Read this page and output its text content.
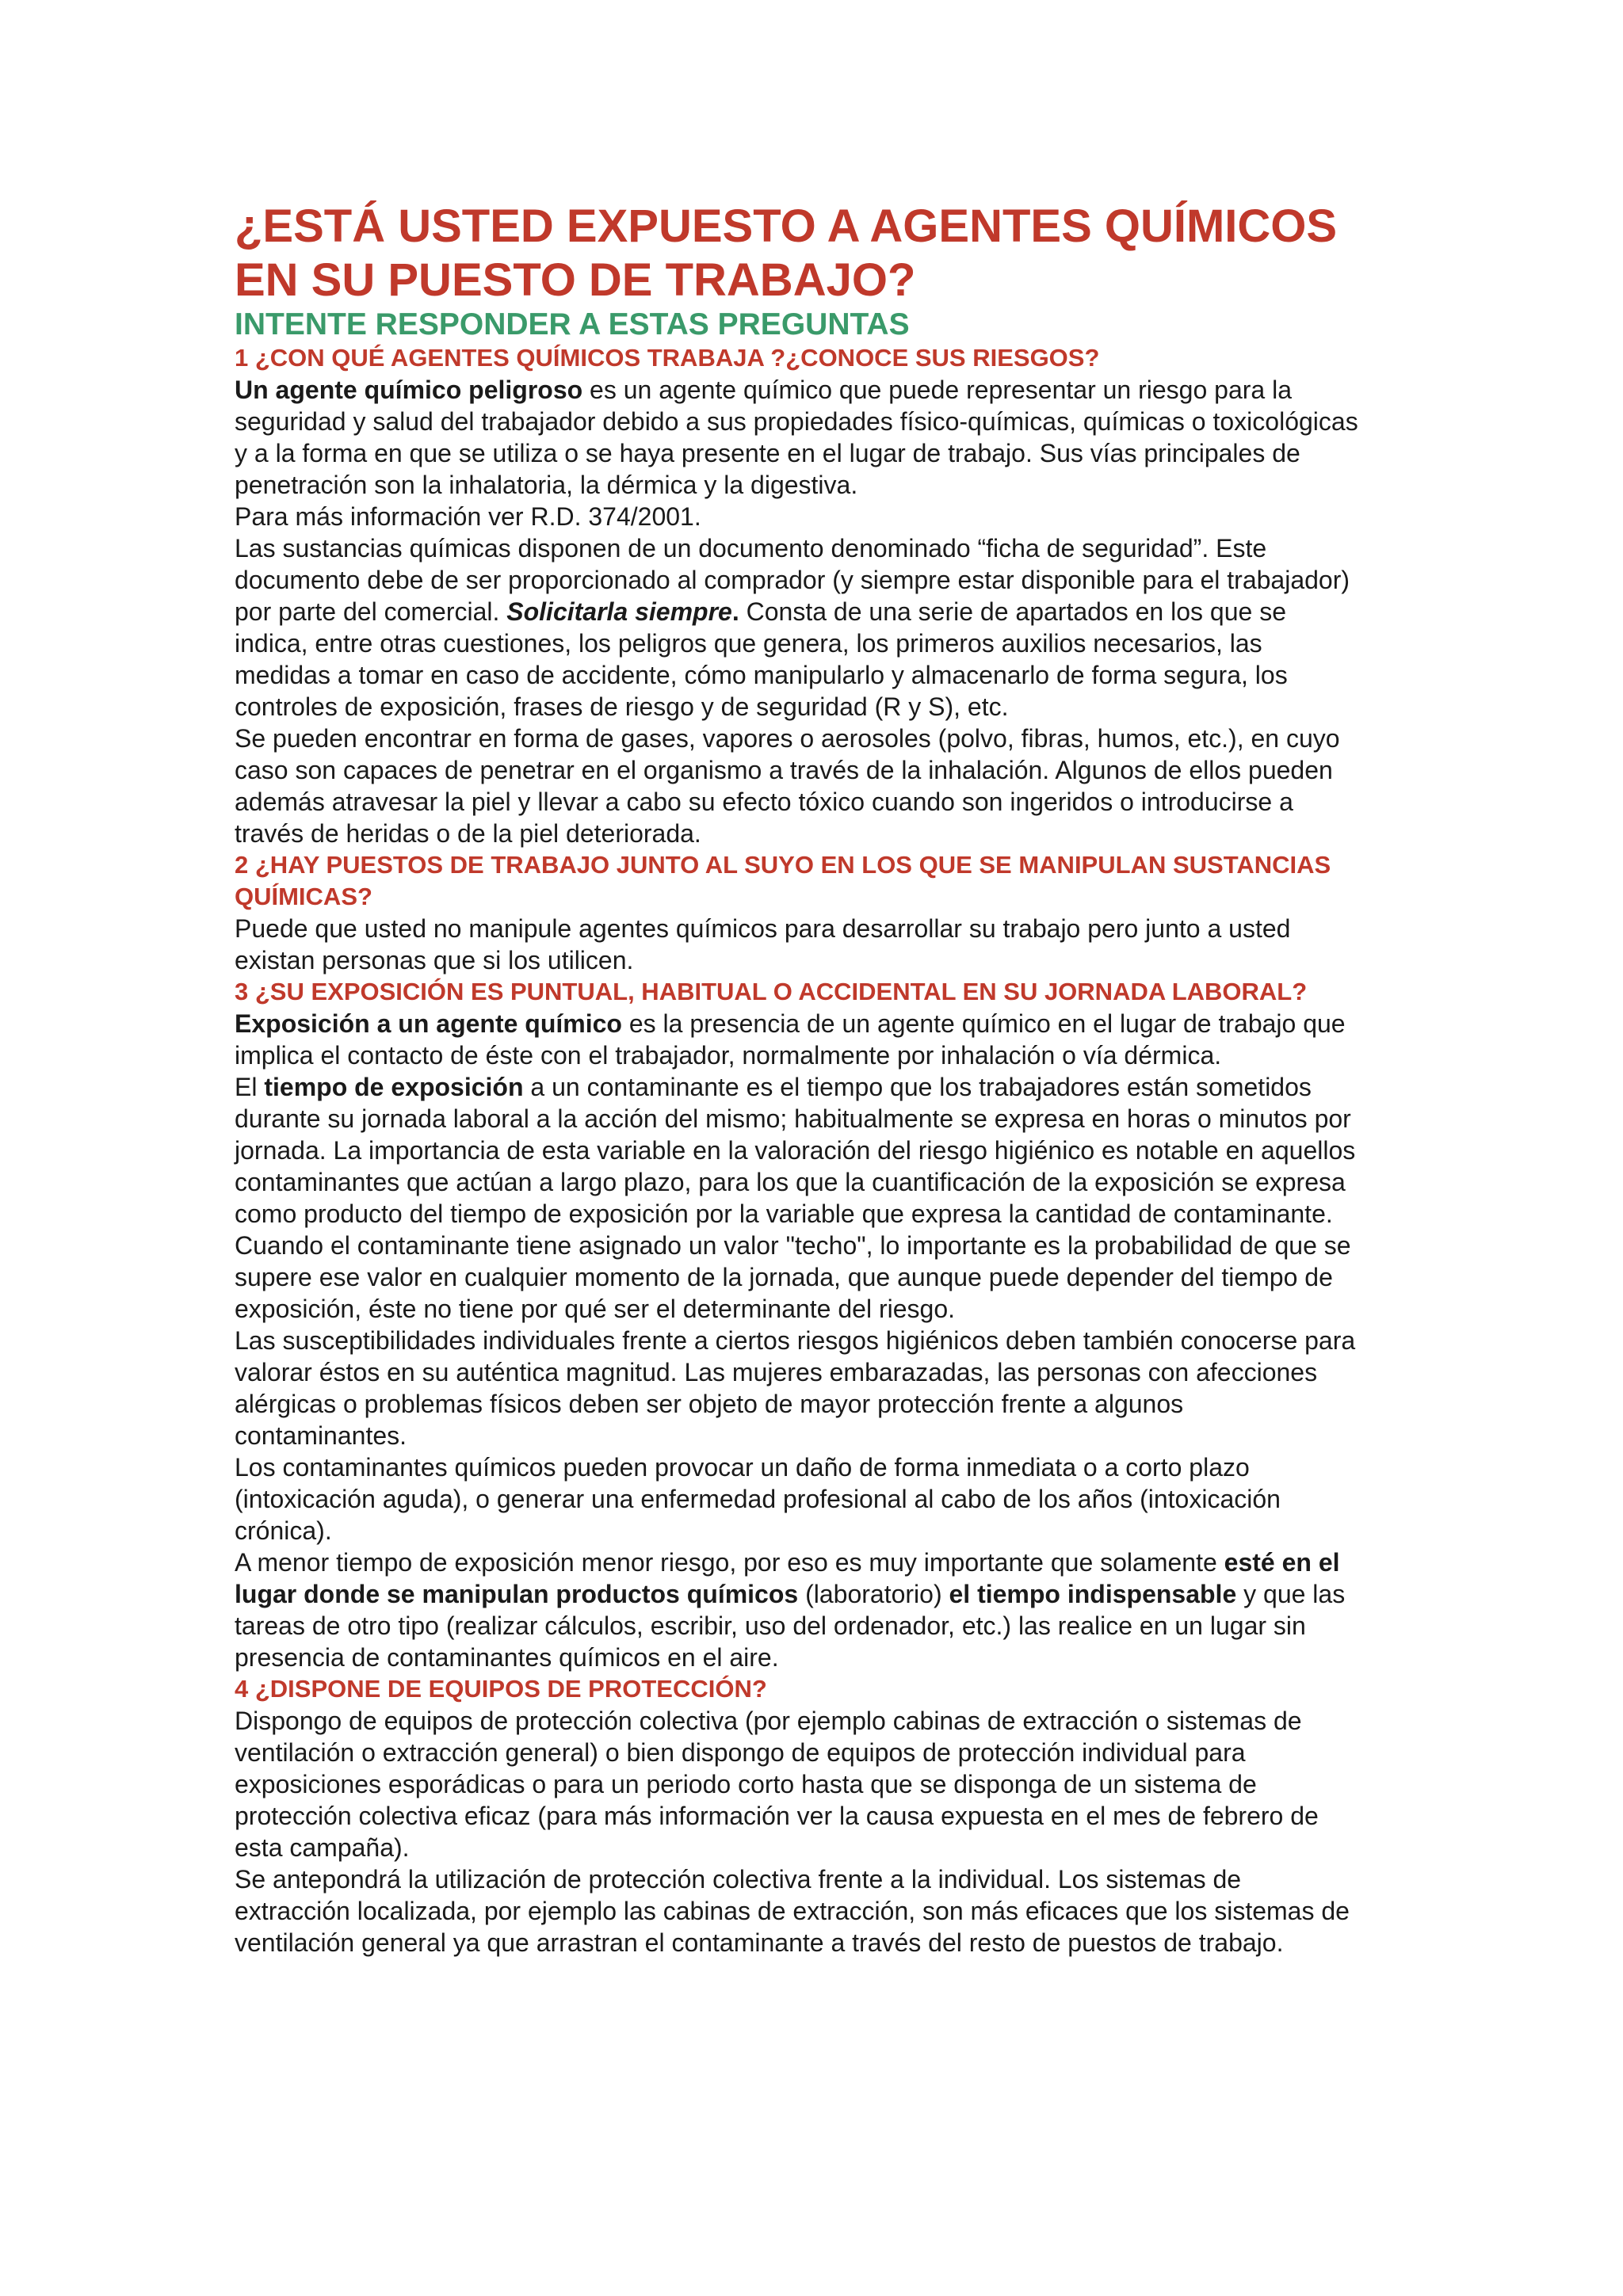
¿ESTÁ USTED EXPUESTO A AGENTES QUÍMICOS EN SU PUESTO DE TRABAJO?
INTENTE RESPONDER A ESTAS PREGUNTAS
1 ¿CON QUÉ AGENTES QUÍMICOS TRABAJA ?¿CONOCE SUS RIESGOS?

Un agente químico peligroso es un agente químico que puede representar un riesgo para la seguridad y salud del trabajador debido a sus propiedades físico-químicas, químicas o toxicológicas y a la forma en que se utiliza o se haya presente en el lugar de trabajo. Sus vías principales de penetración son la inhalatoria, la dérmica y la digestiva.

Para más información ver R.D. 374/2001.

Las sustancias químicas disponen de un documento denominado “ficha de seguridad”. Este documento debe de ser proporcionado al comprador (y siempre estar disponible para el trabajador) por parte del comercial. Solicitarla siempre. Consta de una serie de apartados en los que se indica, entre otras cuestiones, los peligros que genera, los primeros auxilios necesarios, las medidas a tomar en caso de accidente, cómo manipularlo y almacenarlo de forma segura, los controles de exposición, frases de riesgo y de seguridad (R y S), etc.

Se pueden encontrar en forma de gases, vapores o aerosoles (polvo, fibras, humos, etc.), en cuyo caso son capaces de penetrar en el organismo a través de la inhalación. Algunos de ellos pueden además atravesar la piel y llevar a cabo su efecto tóxico cuando son ingeridos o introducirse a través de heridas o de la piel deteriorada.

2 ¿HAY PUESTOS DE TRABAJO JUNTO AL SUYO EN LOS QUE SE MANIPULAN SUSTANCIAS QUÍMICAS?

Puede que usted no manipule agentes químicos para desarrollar su trabajo pero junto a usted existan personas que si los utilicen.

3 ¿SU EXPOSICIÓN ES PUNTUAL, HABITUAL O ACCIDENTAL EN SU JORNADA LABORAL?

Exposición a un agente químico es la presencia de un agente químico en el lugar de trabajo que implica el contacto de éste con el trabajador, normalmente por inhalación o vía dérmica.

El tiempo de exposición a un contaminante es el tiempo que los trabajadores están sometidos durante su jornada laboral a la acción del mismo; habitualmente se expresa en horas o minutos por jornada. La importancia de esta variable en la valoración del riesgo higiénico es notable en aquellos contaminantes que actúan a largo plazo, para los que la cuantificación de la exposición se expresa como producto del tiempo de exposición por la variable que expresa la cantidad de contaminante.

Cuando el contaminante tiene asignado un valor "techo", lo importante es la probabilidad de que se supere ese valor en cualquier momento de la jornada, que aunque puede depender del tiempo de exposición, éste no tiene por qué ser el determinante del riesgo.

Las susceptibilidades individuales frente a ciertos riesgos higiénicos deben también conocerse para valorar éstos en su auténtica magnitud. Las mujeres embarazadas, las personas con afecciones alérgicas o problemas físicos deben ser objeto de mayor protección frente a algunos contaminantes.

Los contaminantes químicos pueden provocar un daño de forma inmediata o a corto plazo (intoxicación aguda), o generar una enfermedad profesional al cabo de los años (intoxicación crónica).

A menor tiempo de exposición menor riesgo, por eso es muy importante que solamente esté en el lugar donde se manipulan productos químicos (laboratorio) el tiempo indispensable y que las tareas de otro tipo (realizar cálculos, escribir, uso del ordenador, etc.) las realice en un lugar sin presencia de contaminantes químicos en el aire.

4 ¿DISPONE DE EQUIPOS DE PROTECCIÓN?

Dispongo de equipos de protección colectiva (por ejemplo cabinas de extracción o sistemas de ventilación o extracción general) o bien dispongo de equipos de protección individual para exposiciones esporádicas o para un periodo corto hasta que se disponga de un sistema de protección colectiva eficaz (para más información ver la causa expuesta en el mes de febrero de esta campaña).

Se antepondrá la utilización de protección colectiva frente a la individual. Los sistemas de extracción localizada, por ejemplo las cabinas de extracción, son más eficaces que los sistemas de ventilación general ya que arrastran el contaminante a través del resto de puestos de trabajo.
